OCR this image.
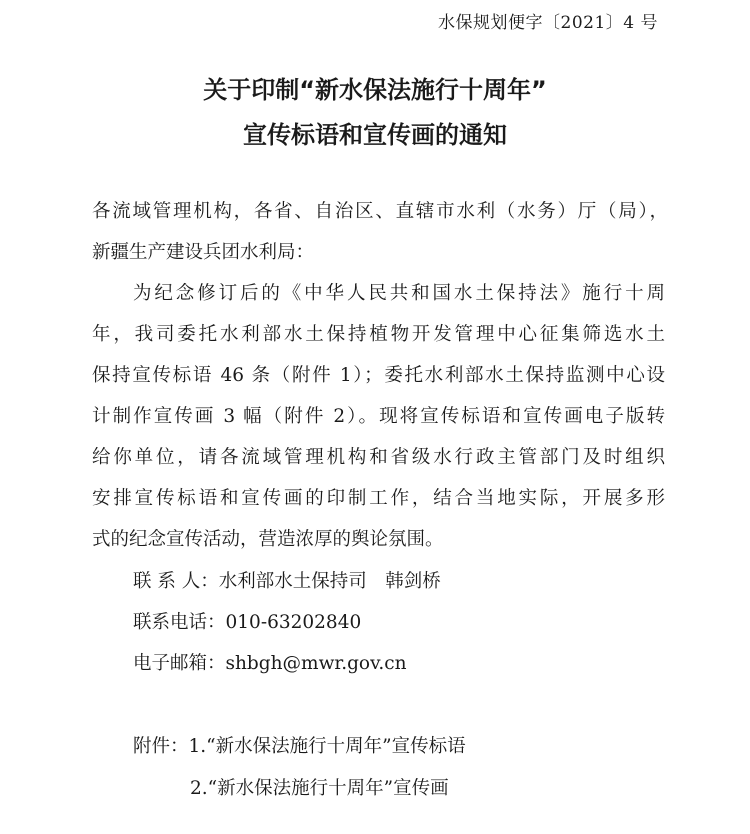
水保规划便字〔2021〕4 号
关于印制“新水保法施行十周年”
宣传标语和宣传画的通知
各流域管理机构，各省、自治区、直辖市水利（水务）厅（局），
新疆生产建设兵团水利局：
为纪念修订后的《中华人民共和国水土保持法》施行十周
年，我司委托水利部水土保持植物开发管理中心征集筛选水土
保持宣传标语 46 条（附件 1）；委托水利部水土保持监测中心设
计制作宣传画 3 幅（附件 2）。现将宣传标语和宣传画电子版转
给你单位，请各流域管理机构和省级水行政主管部门及时组织
安排宣传标语和宣传画的印制工作，结合当地实际，开展多形
式的纪念宣传活动，营造浓厚的舆论氛围。
联 系 人：水利部水土保持司　韩剑桥
联系电话：010-63202840
电子邮箱：shbgh@mwr.gov.cn
附件：1.“新水保法施行十周年”宣传标语
2.“新水保法施行十周年”宣传画
